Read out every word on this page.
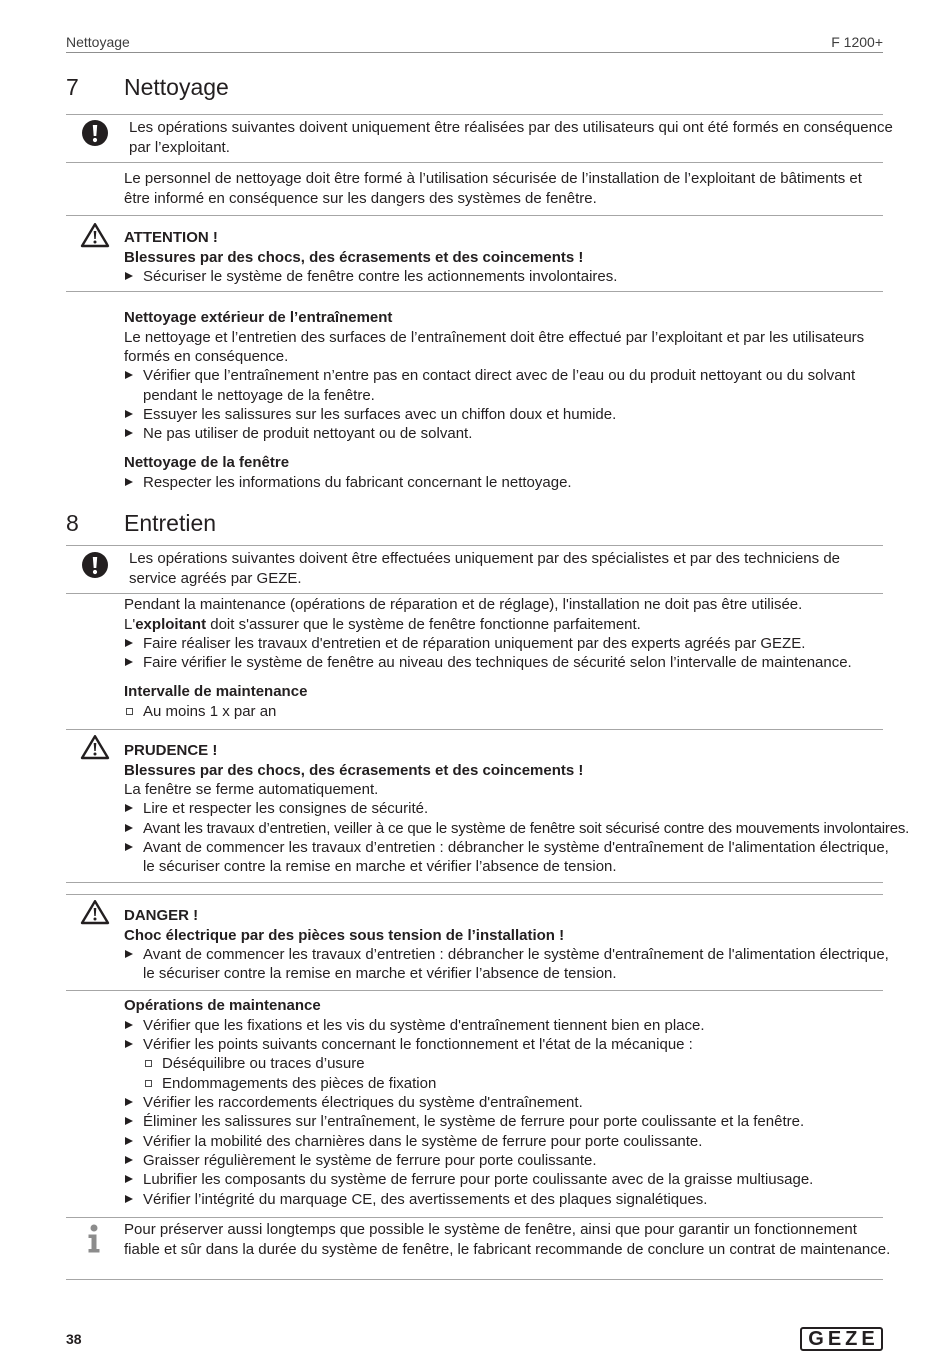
Nettoyage	F 1200+
7 Nettoyage
Les opérations suivantes doivent uniquement être réalisées par des utilisateurs qui ont été formés en conséquence
par l’exploitant.
Le personnel de nettoyage doit être formé à l’utilisation sécurisée de l’installation de l’exploitant de bâtiments et
être informé en conséquence sur les dangers des systèmes de fenêtre.
ATTENTION !
Blessures par des chocs, des écrasements et des coincements !
Sécuriser le système de fenêtre contre les actionnements involontaires.
Nettoyage extérieur de l’entraînement
Le nettoyage et l’entretien des surfaces de l’entraînement doit être effectué par l’exploitant et par les utilisateurs
formés en conséquence.
Vérifier que l’entraînement n’entre pas en contact direct avec de l’eau ou du produit nettoyant ou du solvant
pendant le nettoyage de la fenêtre.
Essuyer les salissures sur les surfaces avec un chiffon doux et humide.
Ne pas utiliser de produit nettoyant ou de solvant.
Nettoyage de la fenêtre
Respecter les informations du fabricant concernant le nettoyage.
8 Entretien
Les opérations suivantes doivent être effectuées uniquement par des spécialistes et par des techniciens de
service agréés par GEZE.
Pendant la maintenance (opérations de réparation et de réglage), l'installation ne doit pas être utilisée.
L'exploitant doit s'assurer que le système de fenêtre fonctionne parfaitement.
Faire réaliser les travaux d'entretien et de réparation uniquement par des experts agréés par GEZE.
Faire vérifier le système de fenêtre au niveau des techniques de sécurité selon l’intervalle de maintenance.
Intervalle de maintenance
Au moins 1 x par an
PRUDENCE !
Blessures par des chocs, des écrasements et des coincements !
La fenêtre se ferme automatiquement.
Lire et respecter les consignes de sécurité.
Avant les travaux d’entretien, veiller à ce que le système de fenêtre soit sécurisé contre des mouvements involontaires.
Avant de commencer les travaux d’entretien : débrancher le système d'entraînement de l'alimentation électrique,
le sécuriser contre la remise en marche et vérifier l’absence de tension.
DANGER !
Choc électrique par des pièces sous tension de l’installation !
Avant de commencer les travaux d’entretien : débrancher le système d'entraînement de l'alimentation électrique,
le sécuriser contre la remise en marche et vérifier l’absence de tension.
Opérations de maintenance
Vérifier que les fixations et les vis du système d'entraînement tiennent bien en place.
Vérifier les points suivants concernant le fonctionnement et l'état de la mécanique :
Déséquilibre ou traces d’usure
Endommagements des pièces de fixation
Vérifier les raccordements électriques du système d'entraînement.
Éliminer les salissures sur l’entraînement, le système de ferrure pour porte coulissante et la fenêtre.
Vérifier la mobilité des charnières dans le système de ferrure pour porte coulissante.
Graisser régulièrement le système de ferrure pour porte coulissante.
Lubrifier les composants du système de ferrure pour porte coulissante avec de la graisse multiusage.
Vérifier l’intégrité du marquage CE, des avertissements et des plaques signalétiques.
Pour préserver aussi longtemps que possible le système de fenêtre, ainsi que pour garantir un fonctionnement
fiable et sûr dans la durée du système de fenêtre, le fabricant recommande de conclure un contrat de maintenance.
38	GEZE
